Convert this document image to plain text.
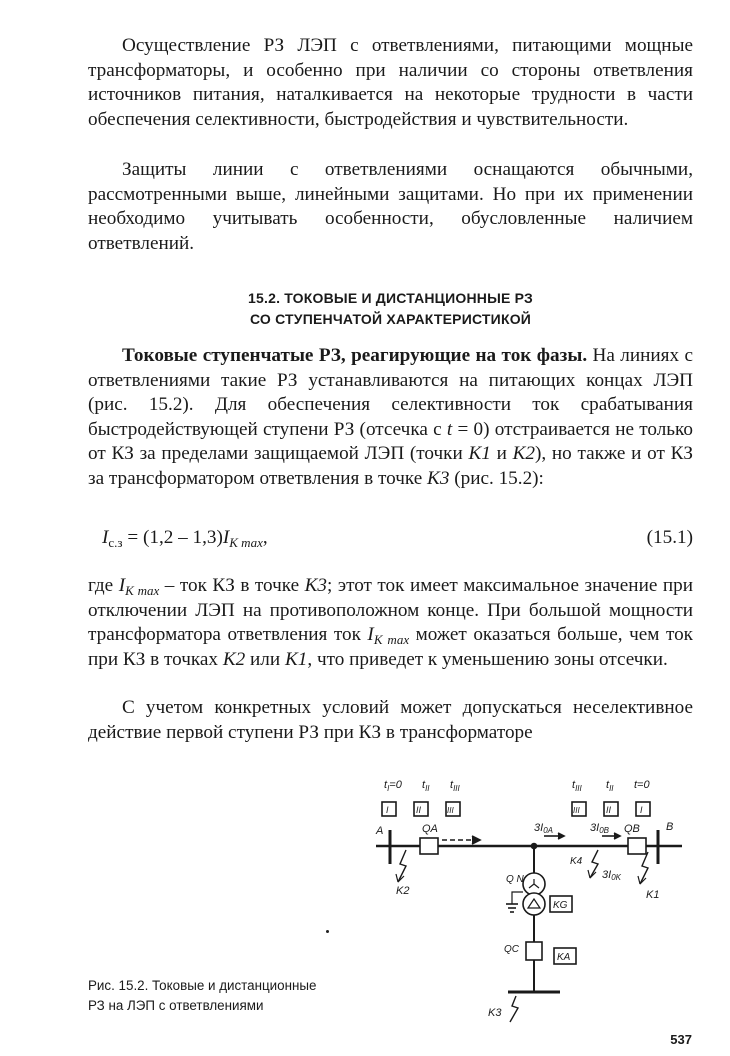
Осуществление РЗ ЛЭП с ответвлениями, питающими мощные трансформаторы, и особенно при наличии со стороны ответвления источников питания, наталкивается на некоторые трудности в части обеспечения селективности, быстродействия и чувствительности.

Защиты линии с ответвлениями оснащаются обычными, рассмотренными выше, линейными защитами. Но при их применении необходимо учитывать особенности, обусловленные наличием ответвлений.

15.2. ТОКОВЫЕ И ДИСТАНЦИОННЫЕ РЗ
СО СТУПЕНЧАТОЙ ХАРАКТЕРИСТИКОЙ

Токовые ступенчатые РЗ, реагирующие на ток фазы. На линиях с ответвлениями такие РЗ устанавливаются на питающих концах ЛЭП (рис. 15.2). Для обеспечения селективности ток срабатывания быстродействующей ступени РЗ (отсечка с t = 0) отстраивается не только от КЗ за пределами защищаемой ЛЭП (точки K1 и K2), но также и от КЗ за трансформатором ответвления в точке K3 (рис. 15.2):

$I_{с.з} = (1,2 - 1,3)I_{К max}$,	(15.1)

где $I_{К max}$ – ток КЗ в точке K3; этот ток имеет максимальное значение при отключении ЛЭП на противоположном конце. При большой мощности трансформатора ответвления ток $I_{К max}$ может оказаться больше, чем ток при КЗ в точках K2 или K1, что приведет к уменьшению зоны отсечки.

С учетом конкретных условий может допускаться неселективное действие первой ступени РЗ при КЗ в трансформаторе

$t_I=0$ $t_{II}$ $t_{III}$	$t_{III}$ $t_{II}$ t=0
I	II	III	III	II	I
A	QA	B
QB
3I0A	3I0B
K4
3I0K
K1
K2
Q N
KG
QC
KA
K3
Рис. 15.2. Токовые и дистанционные
РЗ на ЛЭП с ответвлениями
537
